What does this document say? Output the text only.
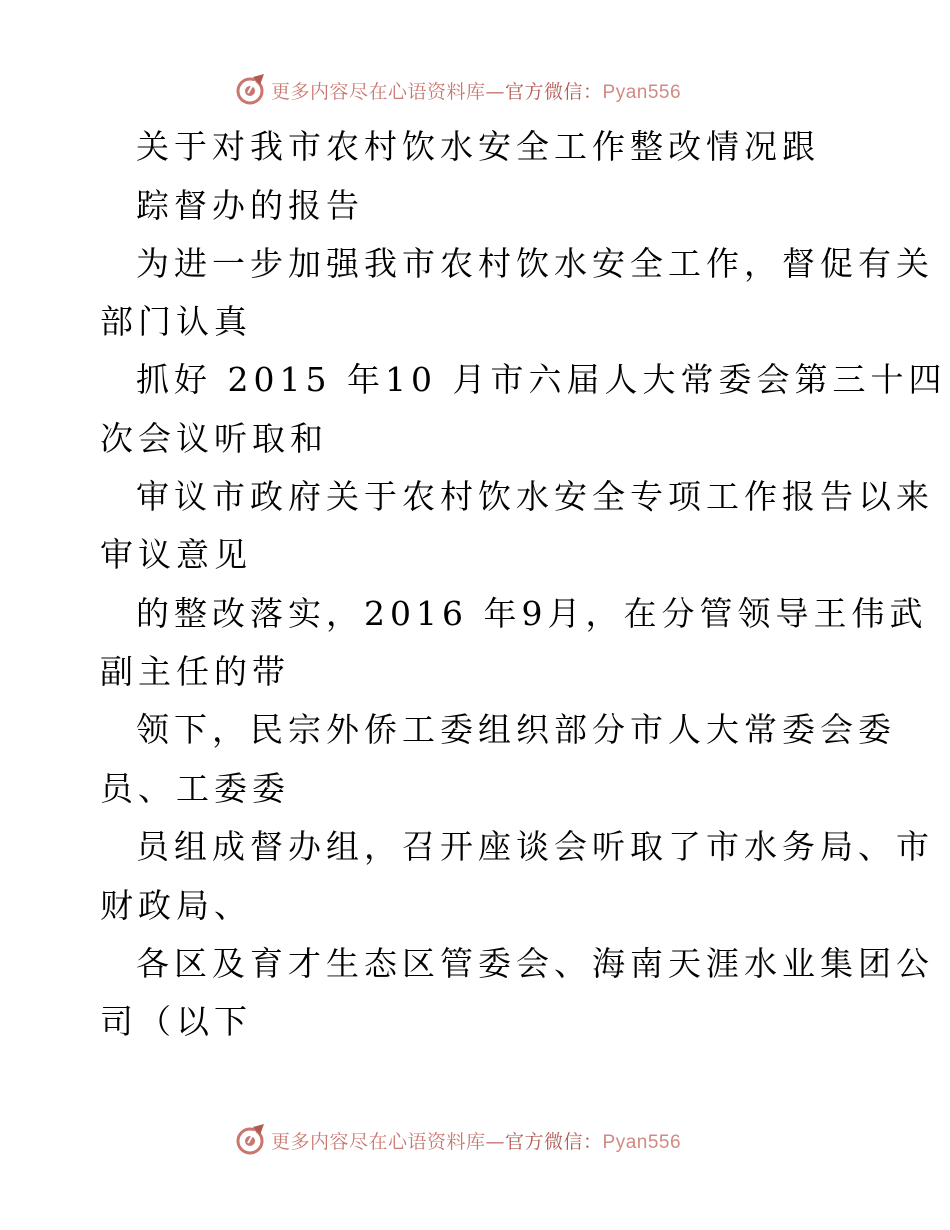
更多内容尽在心语资料库—官方微信：Pyan556
关于对我市农村饮水安全工作整改情况跟
踪督办的报告
为进一步加强我市农村饮水安全工作，督促有关
部门认真
抓好 2015 年10 月市六届人大常委会第三十四
次会议听取和
审议市政府关于农村饮水安全专项工作报告以来
审议意见
的整改落实，2016 年9月，在分管领导王伟武
副主任的带
领下，民宗外侨工委组织部分市人大常委会委
员、工委委
员组成督办组，召开座谈会听取了市水务局、市
财政局、
各区及育才生态区管委会、海南天涯水业集团公
司（以下
更多内容尽在心语资料库—官方微信：Pyan556
